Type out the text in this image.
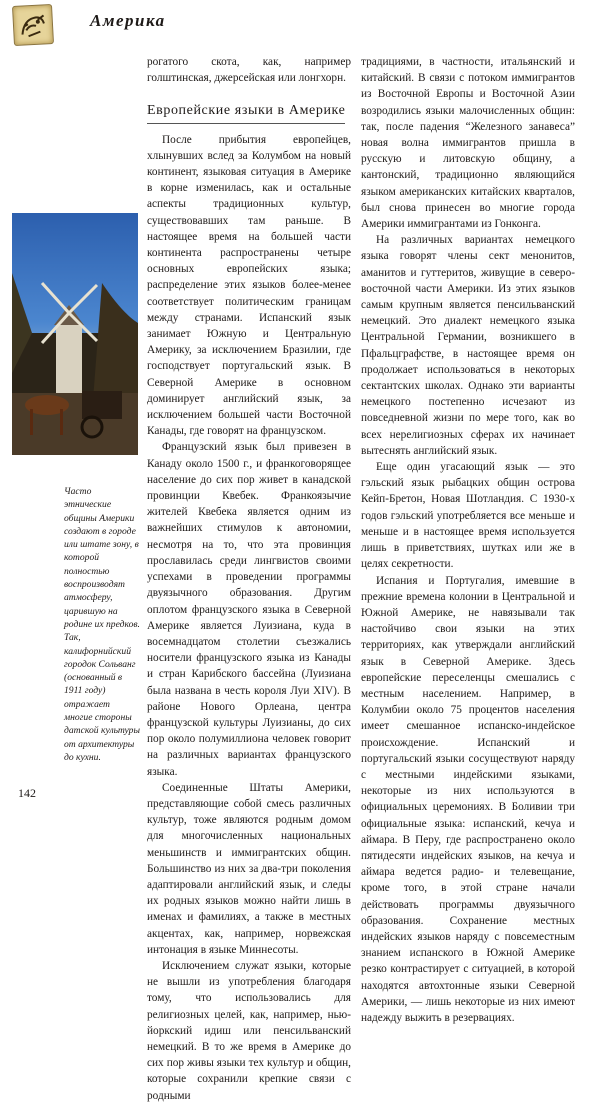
Америка
Часто этнические общины Америки создают в городе или штате зону, в которой полностью воспроизводят атмосферу, царившую на родине их предков. Так, калифорнийский городок Сольванг (основанный в 1911 году) отражает многие стороны датской культуры от архитектуры до кухни.

рогатого скота, как, например голштинская, джерсейская или лонгхорн.

Европейские языки в Америке

После прибытия европейцев, хлынувших вслед за Колумбом на новый континент, языковая ситуация в Америке в корне изменилась, как и остальные аспекты традиционных культур, существовавших там раньше. В настоящее время на большей части континента распространены четыре основных европейских языка; распределение этих языков более-менее соответствует политическим границам между странами. Испанский язык занимает Южную и Центральную Америку, за исключением Бразилии, где господствует португальский язык. В Северной Америке в основном доминирует английский язык, за исключением большей части Восточной Канады, где говорят на французском.

Французский язык был привезен в Канаду около 1500 г., и франкоговорящее население до сих пор живет в канадской провинции Квебек. Франкоязычие жителей Квебека является одним из важнейших стимулов к автономии, несмотря на то, что эта провинция прославилась среди лингвистов своими успехами в проведении программы двуязычного образования. Другим оплотом французского языка в Северной Америке является Луизиана, куда в восемнадцатом столетии съезжались носители французского языка из Канады и стран Карибского бассейна (Луизиана была названа в честь короля Луи XIV). В районе Нового Орлеана, центра французской культуры Луизианы, до сих пор около полумиллиона человек говорит на различных вариантах французского языка.

Соединенные Штаты Америки, представляющие собой смесь различных культур, тоже являются родным домом для многочисленных национальных меньшинств и иммигрантских общин. Большинство из них за два-три поколения адаптировали английский язык, и следы их родных языков можно найти лишь в именах и фамилиях, а также в местных акцентах, как, например, норвежская интонация в языке Миннесоты.

Исключением служат языки, которые не вышли из употребления благодаря тому, что использовались для религиозных целей, как, например, нью-йоркский идиш или пенсильванский немецкий. В то же время в Америке до сих пор живы языки тех культур и общин, которые сохранили крепкие связи с родными

традициями, в частности, итальянский и китайский. В связи с потоком иммигрантов из Восточной Европы и Восточной Азии возродились языки малочисленных общин: так, после падения “Железного занавеса” новая волна иммигрантов пришла в русскую и литовскую общину, а кантонский, традиционно являющийся языком американских китайских кварталов, был снова принесен во многие города Америки иммигрантами из Гонконга.

На различных вариантах немецкого языка говорят члены сект менонитов, аманитов и гуттеритов, живущие в северо-восточной части Америки. Из этих языков самым крупным является пенсильванский немецкий. Это диалект немецкого языка Центральной Германии, возникшего в Пфальцграфстве, в настоящее время он продолжает использоваться в некоторых сектантских школах. Однако эти варианты немецкого постепенно исчезают из повседневной жизни по мере того, как во всех нерелигиозных сферах их начинает вытеснять английский язык.

Еще один угасающий язык — это гэльский язык рыбацких общин острова Кейп-Бретон, Новая Шотландия. С 1930-х годов гэльский употребляется все меньше и меньше и в настоящее время используется лишь в приветствиях, шутках или же в целях секретности.

Испания и Португалия, имевшие в прежние времена колонии в Центральной и Южной Америке, не навязывали так настойчиво свои языки на этих территориях, как утверждали английский язык в Северной Америке. Здесь европейские переселенцы смешались с местным населением. Например, в Колумбии около 75 процентов населения имеет смешанное испанско-индейское происхождение. Испанский и португальский языки сосуществуют наряду с местными индейскими языками, некоторые из них используются в официальных церемониях. В Боливии три официальные языка: испанский, кечуа и аймара. В Перу, где распространено около пятидесяти индейских языков, на кечуа и аймара ведется радио- и телевещание, кроме того, в этой стране начали действовать программы двуязычного образования. Сохранение местных индейских языков наряду с повсеместным знанием испанского в Южной Америке резко контрастирует с ситуацией, в которой находятся автохтонные языки Северной Америки, — лишь некоторые из них имеют надежду выжить в резервациях.

142
